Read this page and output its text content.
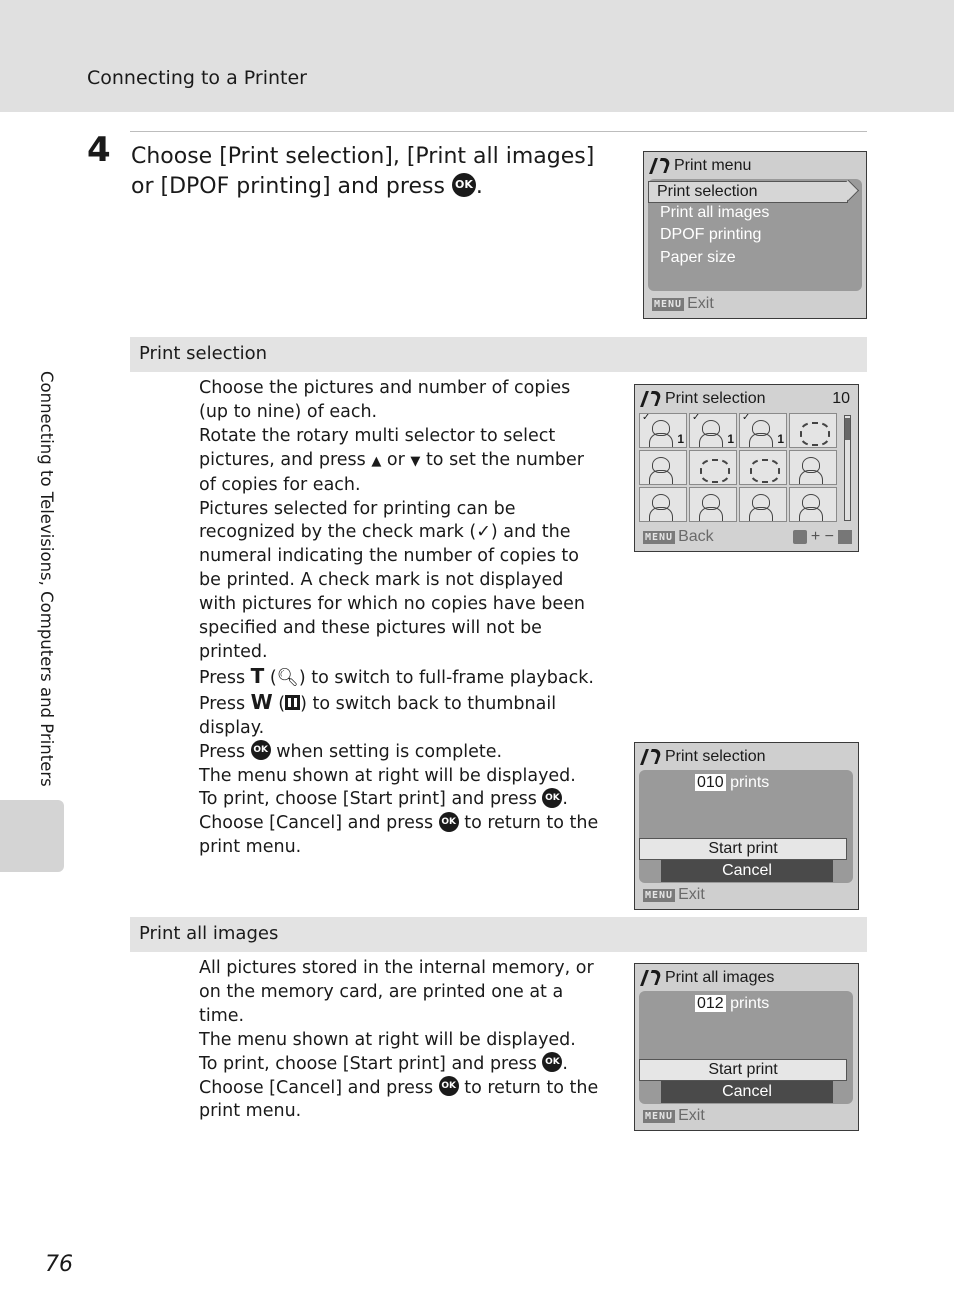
Connecting to a Printer
4 Choose [Print selection], [Print all images] or [DPOF printing] and press OK .
Print menu
Print selection
Print all images
DPOF printing
Paper size
MENU Exit
Print selection

Choose the pictures and number of copies (up to nine) of each.

Rotate the rotary multi selector to select pictures, and press ▲ or ▼ to set the number of copies for each.

Pictures selected for printing can be recognized by the check mark (✓) and the numeral indicating the number of copies to be printed. A check mark is not displayed with pictures for which no copies have been specified and these pictures will not be printed.

Press T (🔍︎) to switch to full-frame playback.

Press W ( ) to switch back to thumbnail display.

Press OK when setting is complete.

The menu shown at right will be displayed.

To print, choose [Start print] and press OK .

Choose [Cancel] and press OK to return to the print menu.

Print selection	10
✓
1
✓
1
✓
1
MENU Back	+ −
Print selection
010 prints
Start print
Cancel
MENU Exit
Print all images

All pictures stored in the internal memory, or on the memory card, are printed one at a time.

The menu shown at right will be displayed.

To print, choose [Start print] and press OK .

Choose [Cancel] and press OK to return to the print menu.

Print all images
012 prints
Start print
Cancel
MENU Exit
Connecting to Televisions, Computers and Printers
76
